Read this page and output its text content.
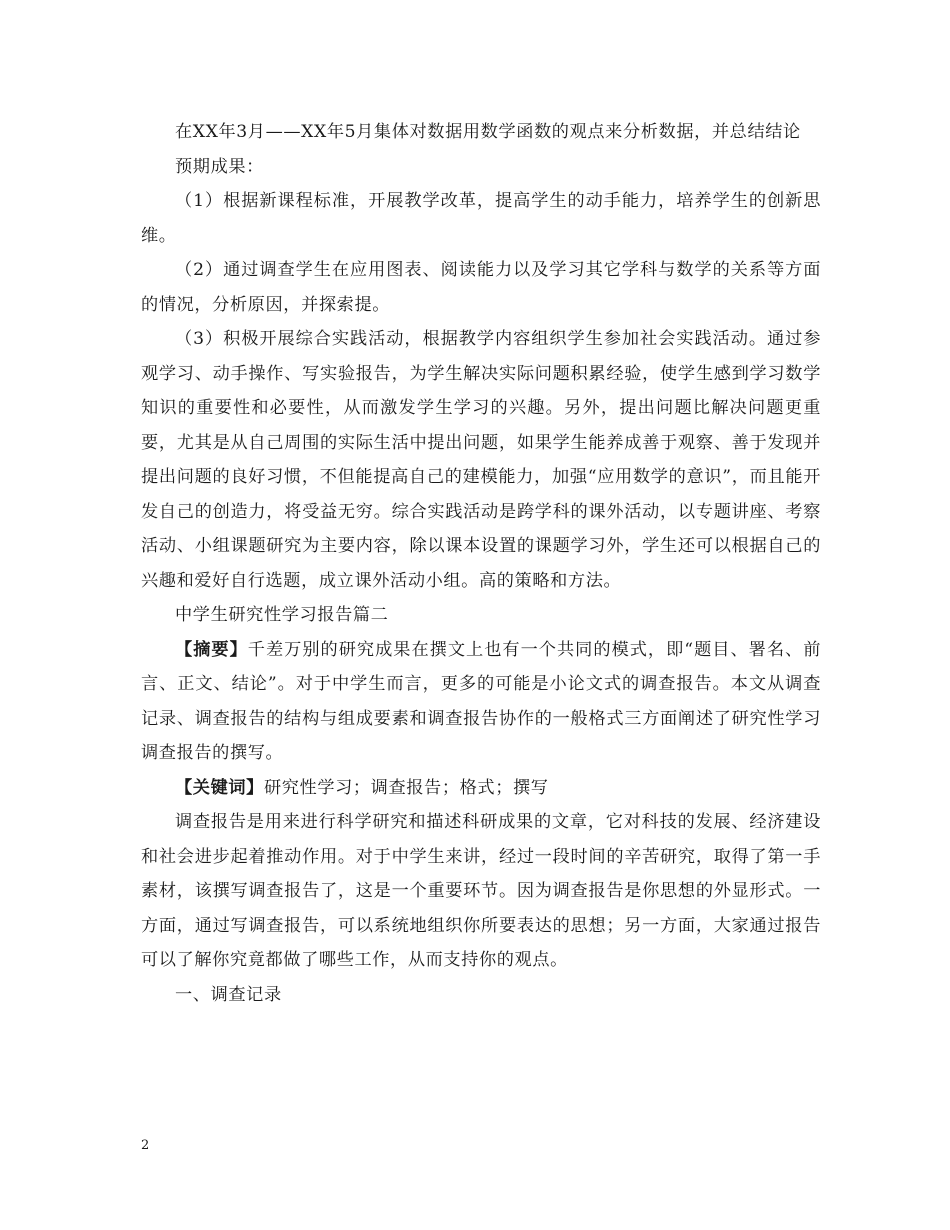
在XX年3月——XX年5月集体对数据用数学函数的观点来分析数据，并总结结论

预期成果：

（1）根据新课程标准，开展教学改革，提高学生的动手能力，培养学生的创新思维。

（2）通过调查学生在应用图表、阅读能力以及学习其它学科与数学的关系等方面的情况，分析原因，并探索提。

（3）积极开展综合实践活动，根据教学内容组织学生参加社会实践活动。通过参观学习、动手操作、写实验报告，为学生解决实际问题积累经验，使学生感到学习数学知识的重要性和必要性，从而激发学生学习的兴趣。另外，提出问题比解决问题更重要，尤其是从自己周围的实际生活中提出问题，如果学生能养成善于观察、善于发现并提出问题的良好习惯，不但能提高自己的建模能力，加强“应用数学的意识”，而且能开发自己的创造力，将受益无穷。综合实践活动是跨学科的课外活动，以专题讲座、考察活动、小组课题研究为主要内容，除以课本设置的课题学习外，学生还可以根据自己的兴趣和爱好自行选题，成立课外活动小组。高的策略和方法。

中学生研究性学习报告篇二

【摘要】千差万别的研究成果在撰文上也有一个共同的模式，即“题目、署名、前言、正文、结论”。对于中学生而言，更多的可能是小论文式的调查报告。本文从调查记录、调查报告的结构与组成要素和调查报告协作的一般格式三方面阐述了研究性学习调查报告的撰写。

【关键词】研究性学习；调查报告；格式；撰写

调查报告是用来进行科学研究和描述科研成果的文章，它对科技的发展、经济建设和社会进步起着推动作用。对于中学生来讲，经过一段时间的辛苦研究，取得了第一手素材，该撰写调查报告了，这是一个重要环节。因为调查报告是你思想的外显形式。一方面，通过写调查报告，可以系统地组织你所要表达的思想；另一方面，大家通过报告可以了解你究竟都做了哪些工作，从而支持你的观点。

一、调查记录

2
